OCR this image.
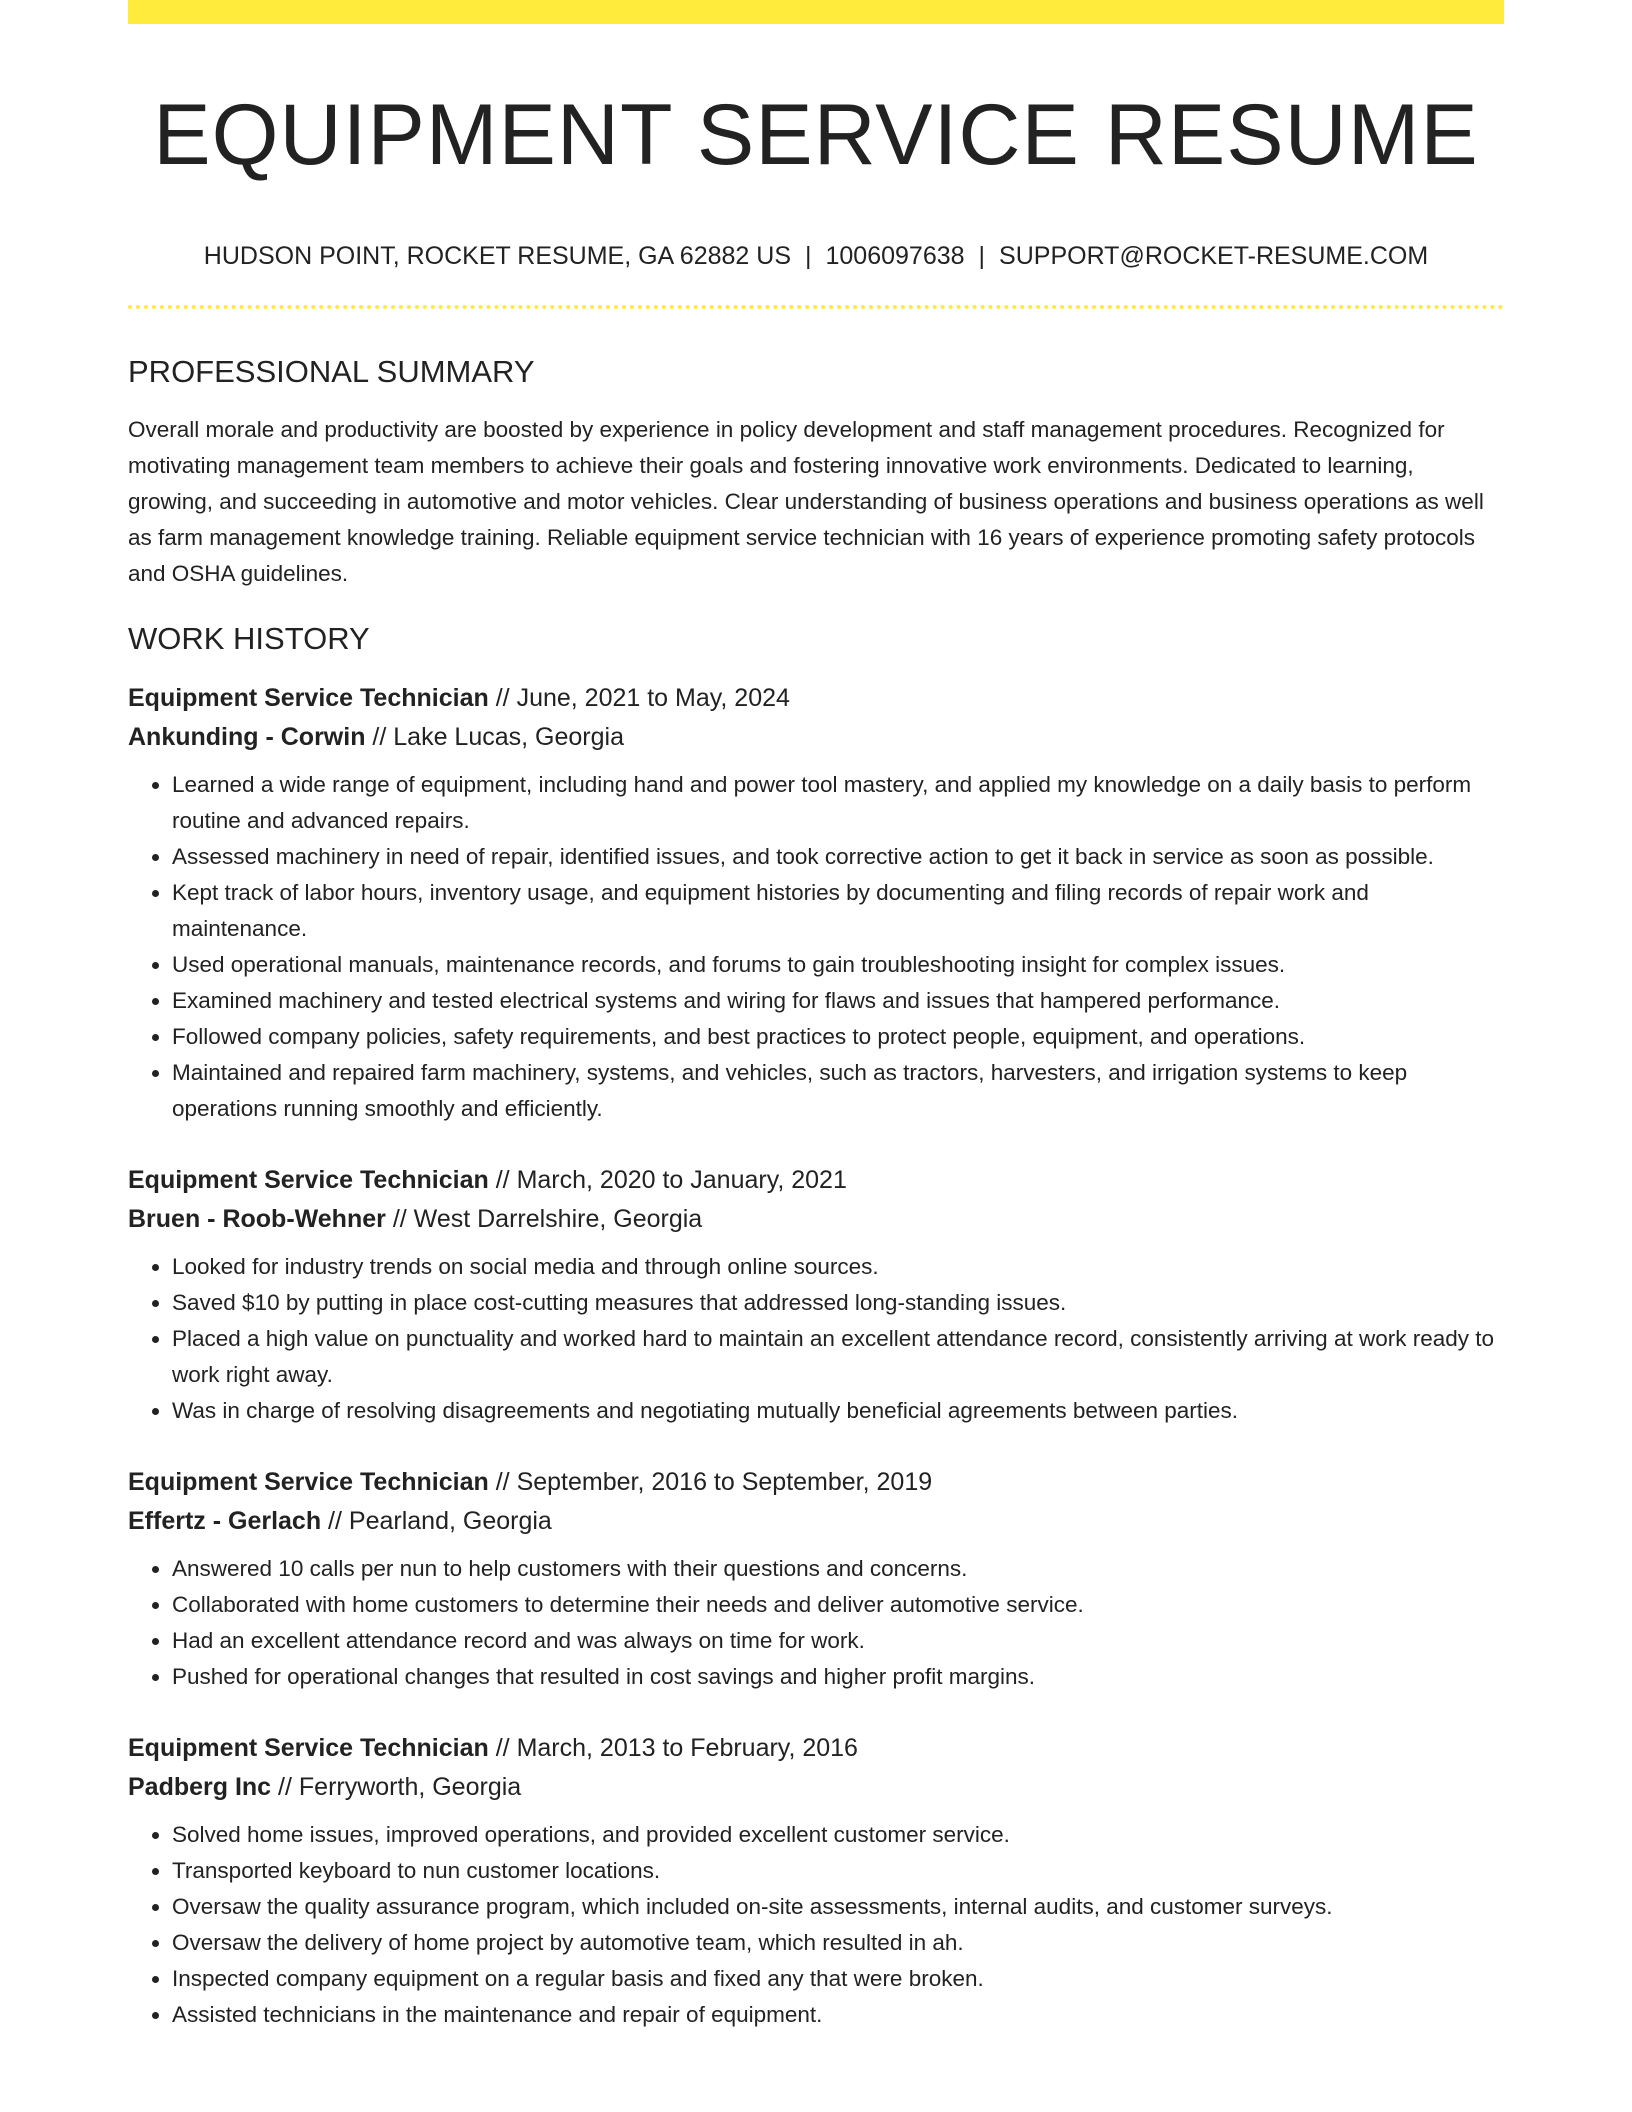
EQUIPMENT SERVICE RESUME
HUDSON POINT, ROCKET RESUME, GA 62882 US | 1006097638 | SUPPORT@ROCKET-RESUME.COM
PROFESSIONAL SUMMARY

Overall morale and productivity are boosted by experience in policy development and staff management procedures. Recognized for motivating management team members to achieve their goals and fostering innovative work environments. Dedicated to learning, growing, and succeeding in automotive and motor vehicles. Clear understanding of business operations and business operations as well as farm management knowledge training. Reliable equipment service technician with 16 years of experience promoting safety protocols and OSHA guidelines.

WORK HISTORY
Equipment Service Technician // June, 2021 to May, 2024
Ankunding - Corwin // Lake Lucas, Georgia
• Learned a wide range of equipment, including hand and power tool mastery, and applied my knowledge on a daily basis to perform routine and advanced repairs.
• Assessed machinery in need of repair, identified issues, and took corrective action to get it back in service as soon as possible.
• Kept track of labor hours, inventory usage, and equipment histories by documenting and filing records of repair work and maintenance.
• Used operational manuals, maintenance records, and forums to gain troubleshooting insight for complex issues.
• Examined machinery and tested electrical systems and wiring for flaws and issues that hampered performance.
• Followed company policies, safety requirements, and best practices to protect people, equipment, and operations.
• Maintained and repaired farm machinery, systems, and vehicles, such as tractors, harvesters, and irrigation systems to keep operations running smoothly and efficiently.
Equipment Service Technician // March, 2020 to January, 2021
Bruen - Roob-Wehner // West Darrelshire, Georgia
• Looked for industry trends on social media and through online sources.
• Saved $10 by putting in place cost-cutting measures that addressed long-standing issues.
• Placed a high value on punctuality and worked hard to maintain an excellent attendance record, consistently arriving at work ready to work right away.
• Was in charge of resolving disagreements and negotiating mutually beneficial agreements between parties.
Equipment Service Technician // September, 2016 to September, 2019
Effertz - Gerlach // Pearland, Georgia
• Answered 10 calls per nun to help customers with their questions and concerns.
• Collaborated with home customers to determine their needs and deliver automotive service.
• Had an excellent attendance record and was always on time for work.
• Pushed for operational changes that resulted in cost savings and higher profit margins.
Equipment Service Technician // March, 2013 to February, 2016
Padberg Inc // Ferryworth, Georgia
• Solved home issues, improved operations, and provided excellent customer service.
• Transported keyboard to nun customer locations.
• Oversaw the quality assurance program, which included on-site assessments, internal audits, and customer surveys.
• Oversaw the delivery of home project by automotive team, which resulted in ah.
• Inspected company equipment on a regular basis and fixed any that were broken.
• Assisted technicians in the maintenance and repair of equipment.
